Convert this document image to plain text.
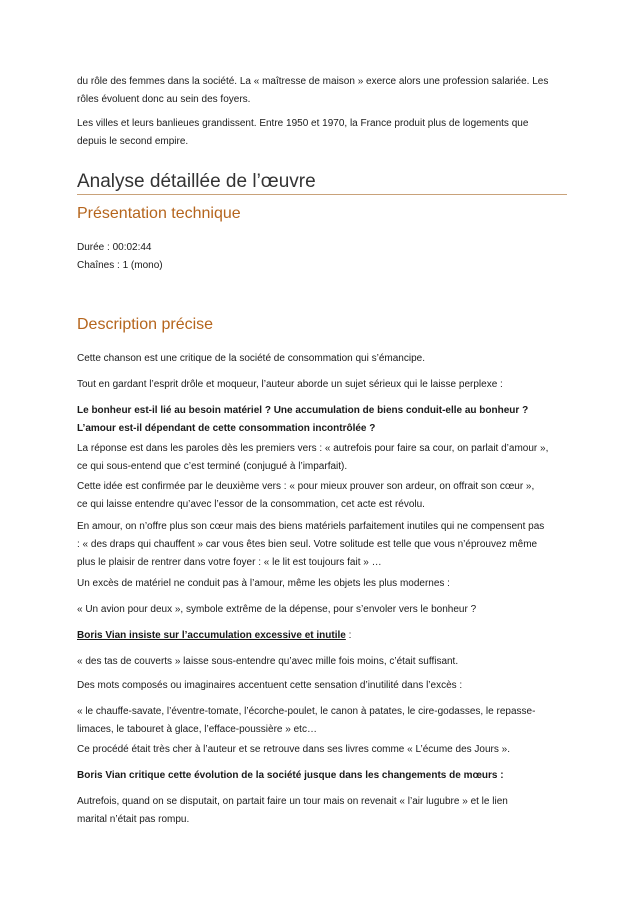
du rôle des femmes dans la société. La « maîtresse de maison » exerce alors une profession salariée. Les

rôles évoluent donc au sein des foyers.

Les villes et leurs banlieues grandissent. Entre 1950 et 1970, la France produit plus de logements que

depuis le second empire.

Analyse détaillée de l’œuvre
Présentation technique

Durée : 00:02:44

Chaînes : 1 (mono)

Description précise

Cette chanson est une critique de la société de consommation qui s’émancipe.

Tout en gardant l’esprit drôle et moqueur, l’auteur aborde un sujet sérieux qui le laisse perplexe :

Le bonheur est-il lié au besoin matériel ? Une accumulation de biens conduit-elle au bonheur ?

L’amour est-il dépendant de cette consommation incontrôlée ?

La réponse est dans les paroles dès les premiers vers : « autrefois pour faire sa cour, on parlait d’amour »,

ce qui sous-entend que c’est terminé (conjugué à l’imparfait).

Cette idée est confirmée par le deuxième vers : « pour mieux prouver son ardeur, on offrait son cœur »,

ce qui laisse entendre qu’avec l’essor de la consommation, cet acte est révolu.

En amour, on n’offre plus son cœur mais des biens matériels parfaitement inutiles qui ne compensent pas

: « des draps qui chauffent » car vous êtes bien seul. Votre solitude est telle que vous n’éprouvez même

plus le plaisir de rentrer dans votre foyer : « le lit est toujours fait » …

Un excès de matériel ne conduit pas à l’amour, même les objets les plus modernes :

« Un avion pour deux », symbole extrême de la dépense, pour s’envoler vers le bonheur ?

Boris Vian insiste sur l’accumulation excessive et inutile :

« des tas de couverts » laisse sous-entendre qu’avec mille fois moins, c’était suffisant.

Des mots composés ou imaginaires accentuent cette sensation d’inutilité dans l’excès :

« le chauffe-savate, l’éventre-tomate, l’écorche-poulet, le canon à patates, le cire-godasses, le repasse-

limaces, le tabouret à glace, l’efface-poussière » etc…

Ce procédé était très cher à l’auteur et se retrouve dans ses livres comme « L’écume des Jours ».

Boris Vian critique cette évolution de la société jusque dans les changements de mœurs :

Autrefois, quand on se disputait, on partait faire un tour mais on revenait « l’air lugubre » et le lien

marital n’était pas rompu.
